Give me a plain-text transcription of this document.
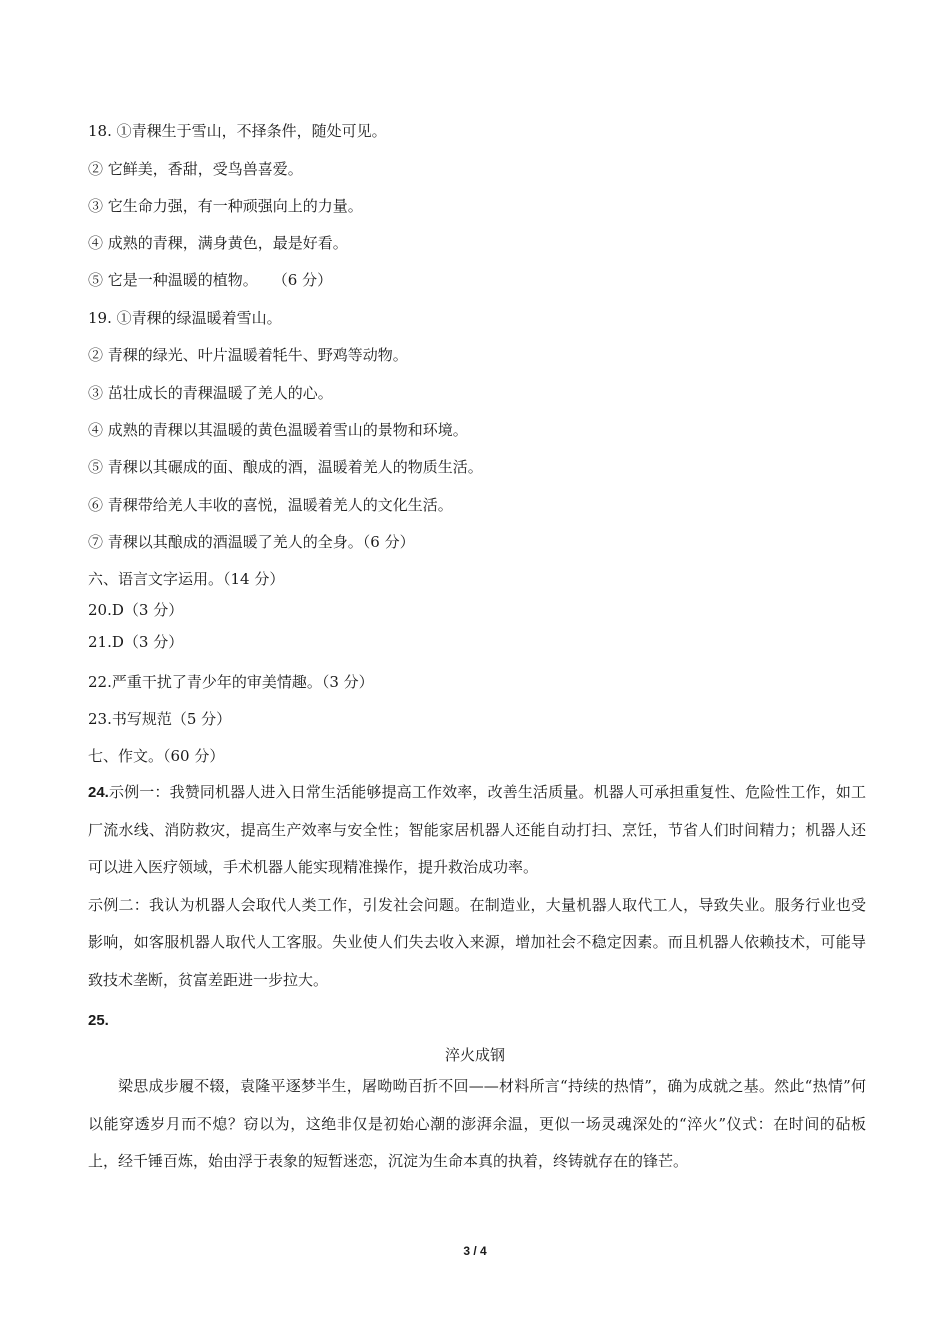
18. ①青稞生于雪山，不择条件，随处可见。
② 它鲜美，香甜，受鸟兽喜爱。
③ 它生命力强，有一种顽强向上的力量。
④ 成熟的青稞，满身黄色，最是好看。
⑤ 它是一种温暖的植物。　　（6 分）
19. ①青稞的绿温暖着雪山。
② 青稞的绿光、叶片温暖着牦牛、野鸡等动物。
③ 茁壮成长的青稞温暖了羌人的心。
④ 成熟的青稞以其温暖的黄色温暖着雪山的景物和环境。
⑤ 青稞以其碾成的面、酿成的酒，温暖着羌人的物质生活。
⑥ 青稞带给羌人丰收的喜悦，温暖着羌人的文化生活。
⑦ 青稞以其酿成的酒温暖了羌人的全身。（6 分）
六、语言文字运用。（14 分）
20.D（3 分）
21.D（3 分）
22.严重干扰了青少年的审美情趣。（3 分）
23.书写规范（5 分）
七、作文。（60 分）

24.示例一：我赞同机器人进入日常生活能够提高工作效率，改善生活质量。机器人可承担重复性、危险性工作，如工厂流水线、消防救灾，提高生产效率与安全性；智能家居机器人还能自动打扫、烹饪，节省人们时间精力；机器人还可以进入医疗领域，手术机器人能实现精准操作，提升救治成功率。

示例二：我认为机器人会取代人类工作，引发社会问题。在制造业，大量机器人取代工人，导致失业。服务行业也受影响，如客服机器人取代人工客服。失业使人们失去收入来源，增加社会不稳定因素。而且机器人依赖技术，可能导致技术垄断，贫富差距进一步拉大。

25.
淬火成钢

梁思成步履不辍，袁隆平逐梦半生，屠呦呦百折不回——材料所言“持续的热情”，确为成就之基。然此“热情”何以能穿透岁月而不熄？窃以为，这绝非仅是初始心潮的澎湃余温，更似一场灵魂深处的“淬火”仪式：在时间的砧板上，经千锤百炼，始由浮于表象的短暂迷恋，沉淀为生命本真的执着，终铸就存在的锋芒。

3 / 4
